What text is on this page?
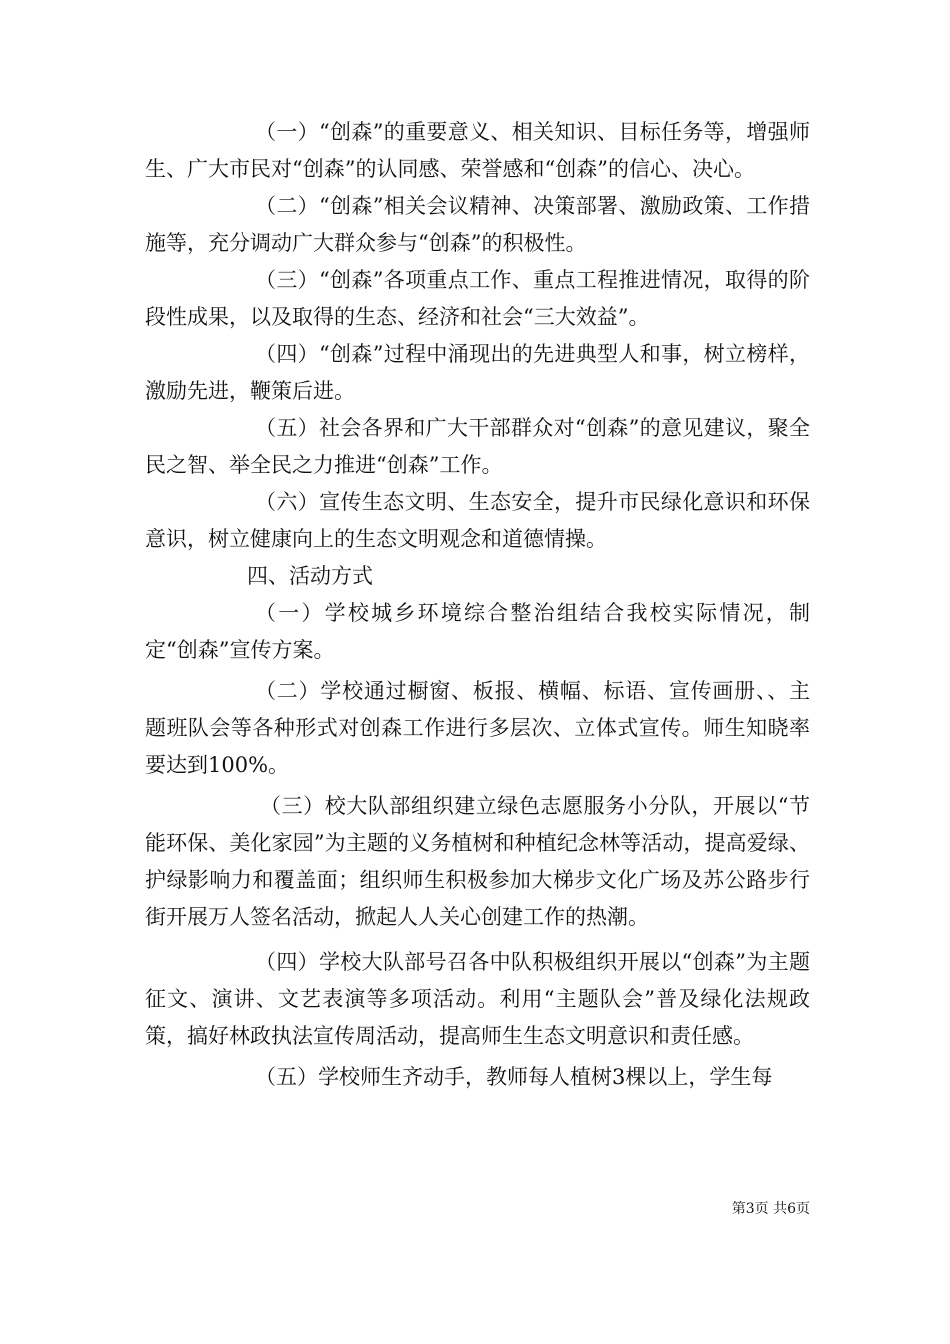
（一）“创森”的重要意义、相关知识、目标任务等，增强师生、广大市民对“创森”的认同感、荣誉感和“创森”的信心、决心。

（二）“创森”相关会议精神、决策部署、激励政策、工作措施等，充分调动广大群众参与“创森”的积极性。

（三）“创森”各项重点工作、重点工程推进情况，取得的阶段性成果，以及取得的生态、经济和社会“三大效益”。

（四）“创森”过程中涌现出的先进典型人和事，树立榜样，激励先进，鞭策后进。

（五）社会各界和广大干部群众对“创森”的意见建议，聚全民之智、举全民之力推进“创森”工作。

（六）宣传生态文明、生态安全，提升市民绿化意识和环保意识，树立健康向上的生态文明观念和道德情操。

四、活动方式

（一）学校城乡环境综合整治组结合我校实际情况，制定“创森”宣传方案。

（二）学校通过橱窗、板报、横幅、标语、宣传画册、、主题班队会等各种形式对创森工作进行多层次、立体式宣传。师生知晓率要达到100%。

（三）校大队部组织建立绿色志愿服务小分队，开展以“节能环保、美化家园”为主题的义务植树和种植纪念林等活动，提高爱绿、护绿影响力和覆盖面；组织师生积极参加大梯步文化广场及苏公路步行街开展万人签名活动，掀起人人关心创建工作的热潮。

（四）学校大队部号召各中队积极组织开展以“创森”为主题征文、演讲、文艺表演等多项活动。利用“主题队会”普及绿化法规政策，搞好林政执法宣传周活动，提高师生生态文明意识和责任感。

（五）学校师生齐动手，教师每人植树3棵以上，学生每

第3页 共6页
